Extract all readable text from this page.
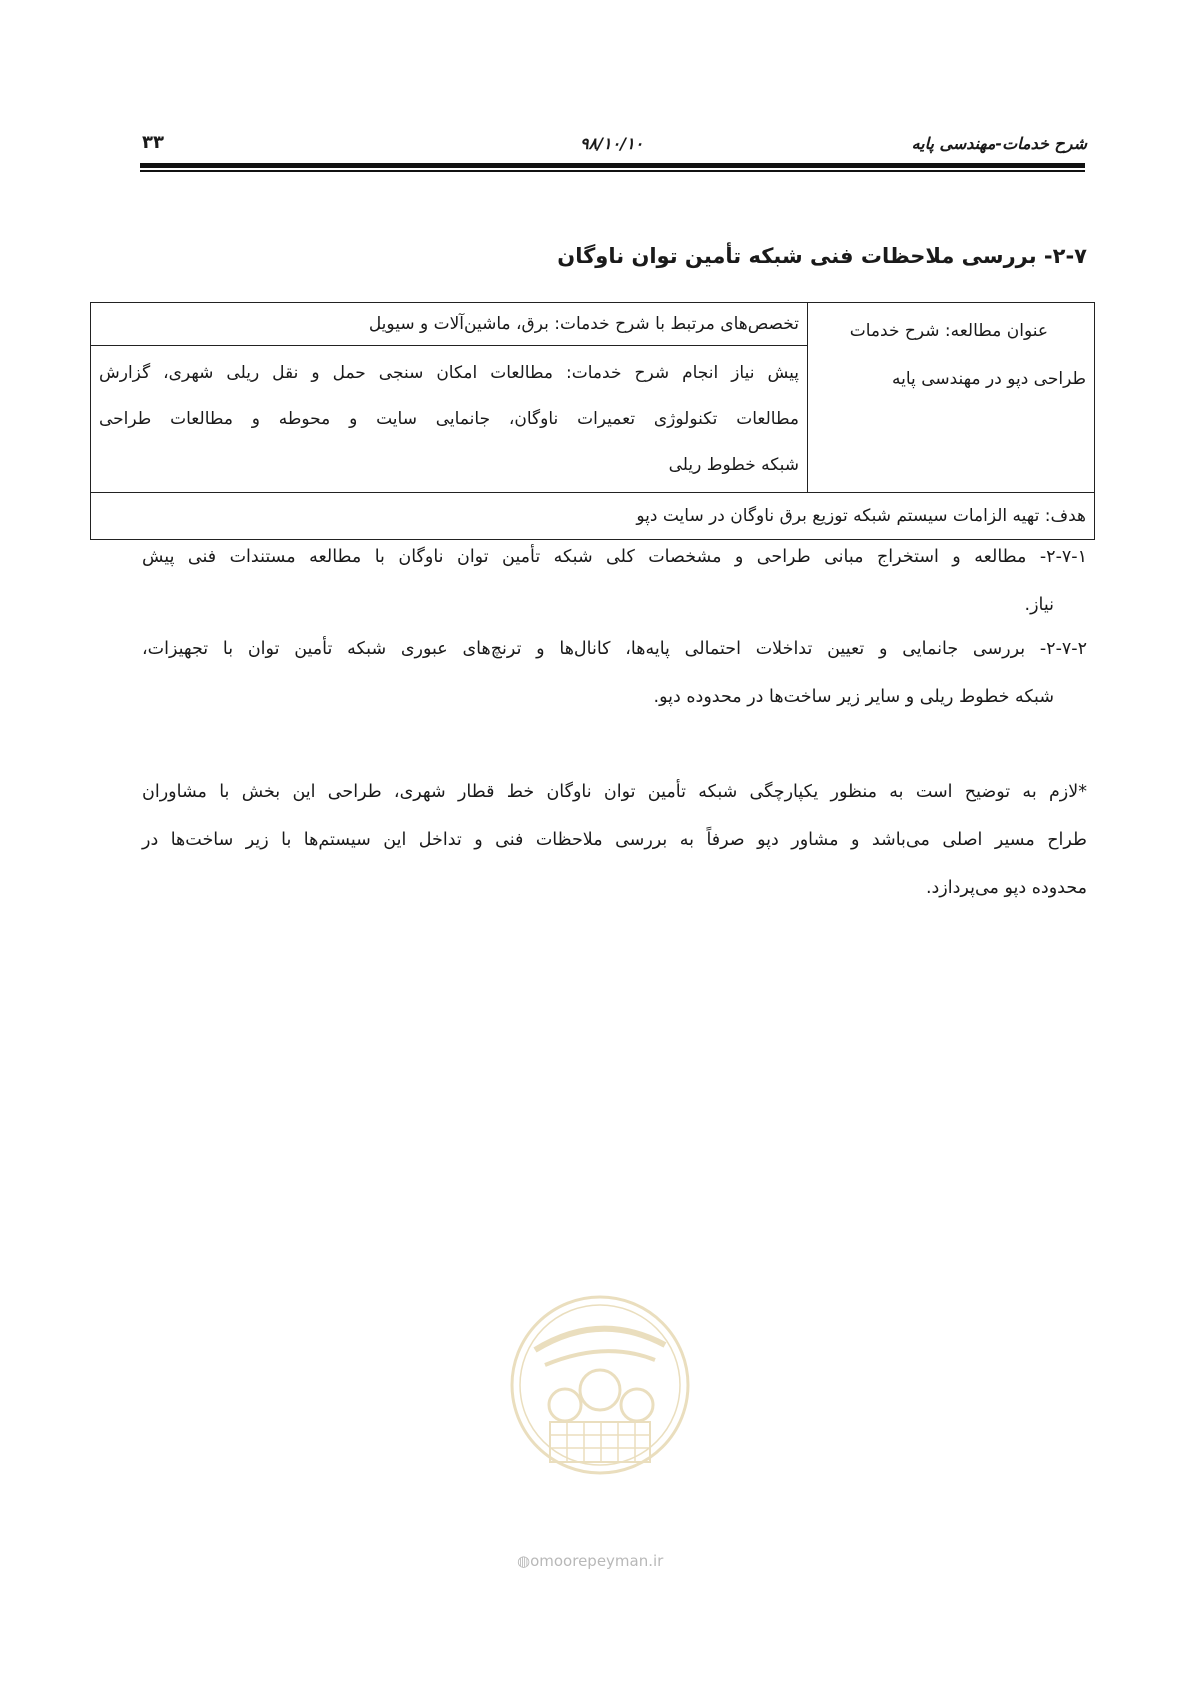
شرح خدمات-مهندسی پایه
۹۸/۱۰/۱۰
۳۳
۲-۷- بررسی ملاحظات فنی شبکه تأمین توان ناوگان
عنوان مطالعه: شرح خدمات
طراحی دپو در مهندسی پایه
	تخصص‌های مرتبط با شرح خدمات: برق، ماشین‌آلات و سیویل

پیش نیاز انجام شرح خدمات: مطالعات امکان سنجی حمل و نقل ریلی شهری، گزارش
مطالعات تکنولوژی تعمیرات ناوگان، جانمایی سایت و محوطه و مطالعات طراحی
شبکه خطوط ریلی

هدف: تهیه الزامات سیستم شبکه توزیع برق ناوگان در سایت دپو
۲-۷-۱- مطالعه و استخراج مبانی طراحی و مشخصات کلی شبکه تأمین توان ناوگان با مطالعه مستندات فنی پیش
نیاز.
۲-۷-۲- بررسی جانمایی و تعیین تداخلات احتمالی پایه‌ها، کانال‌ها و ترنچ‌های عبوری شبکه تأمین توان با تجهیزات،
شبکه خطوط ریلی و سایر زیر ساخت‌ها در محدوده دپو.
*لازم به توضیح است به منظور یکپارچگی شبکه تأمین توان ناوگان خط قطار شهری، طراحی این بخش با مشاوران
طراح مسیر اصلی می‌باشد و مشاور دپو صرفاً به بررسی ملاحظات فنی و تداخل این سیستم‌ها با زیر ساخت‌ها در
محدوده دپو می‌پردازد.
◍omoorepeyman.ir
